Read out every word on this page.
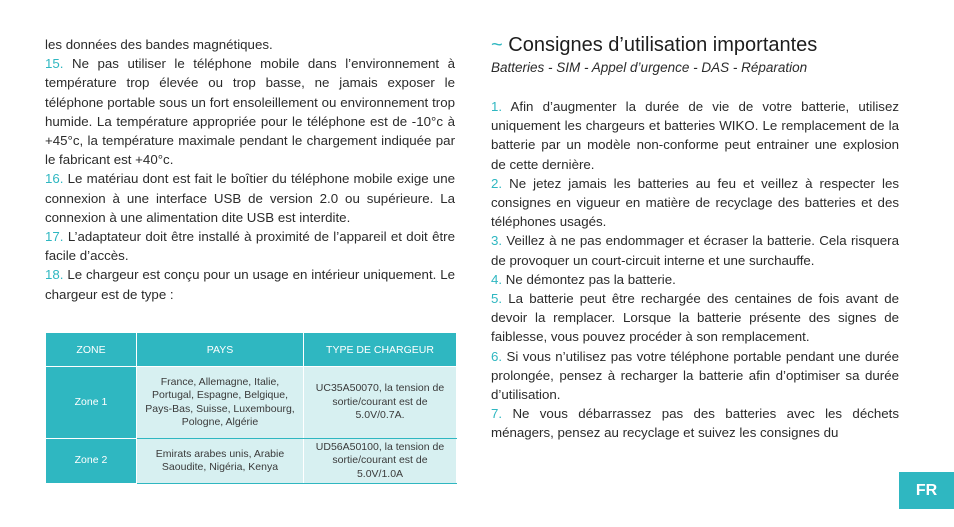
les données des bandes magnétiques.

15. Ne pas utiliser le téléphone mobile dans l’environnement à température trop élevée ou trop basse, ne jamais exposer le téléphone portable sous un fort ensoleillement ou environnement trop humide. La température appropriée pour le téléphone est de -10°c à +45°c, la température maximale pendant le chargement indiquée par le fabricant est +40°c.

16. Le matériau dont est fait le boîtier du téléphone mobile exige une connexion à une interface USB de version 2.0 ou supérieure. La connexion à une alimentation dite USB est interdite.

17. L’adaptateur doit être installé à proximité de l’appareil et doit être facile d’accès.

18. Le chargeur est conçu pour un usage en intérieur uniquement. Le chargeur est de type :

ZONE	PAYS	TYPE DE CHARGEUR
Zone 1	France, Allemagne, Italie, Portugal, Espagne, Belgique, Pays-Bas, Suisse, Luxembourg, Pologne, Algérie	UC35A50070, la tension de sortie/courant est de 5.0V/0.7A.
Zone 2	Emirats arabes unis, Arabie Saoudite, Nigéria, Kenya	UD56A50100, la tension de sortie/courant est de 5.0V/1.0A
~ Consignes d’utilisation importantes
Batteries - SIM - Appel d’urgence - DAS - Réparation

1. Afin d’augmenter la durée de vie de votre batterie, utilisez uniquement les chargeurs et batteries WIKO. Le remplacement de la batterie par un modèle non-conforme peut entrainer une explosion de cette dernière.

2. Ne jetez jamais les batteries au feu et veillez à respecter les consignes en vigueur en matière de recyclage des batteries et des téléphones usagés.

3. Veillez à ne pas endommager et écraser la batterie. Cela risquera de provoquer un court-circuit interne et une surchauffe.

4. Ne démontez pas la batterie.

5. La batterie peut être rechargée des centaines de fois avant de devoir la remplacer. Lorsque la batterie présente des signes de faiblesse, vous pouvez procéder à son remplacement.

6. Si vous n’utilisez pas votre téléphone portable pendant une durée prolongée, pensez à recharger la batterie afin d’optimiser sa durée d’utilisation.

7. Ne vous débarrassez pas des batteries avec les déchets ménagers, pensez au recyclage et suivez les consignes du

FR
